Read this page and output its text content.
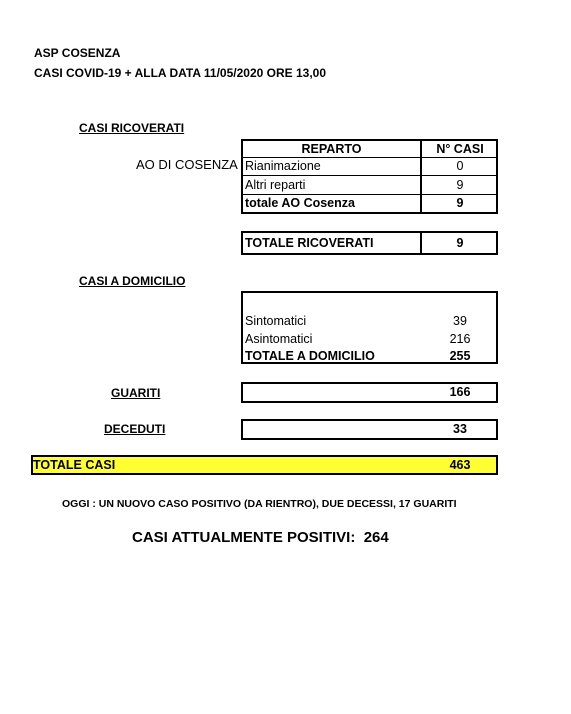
ASP COSENZA
CASI COVID-19 + ALLA DATA 11/05/2020 ORE 13,00
CASI RICOVERATI
AO DI COSENZA
REPARTO	N° CASI
Rianimazione	0
Altri reparti	9
totale AO Cosenza	9
TOTALE RICOVERATI	9
CASI A DOMICILIO
Sintomatici	39
Asintomatici	216
TOTALE A DOMICILIO	255
GUARITI	166
DECEDUTI	33
TOTALE CASI	463
OGGI : UN NUOVO CASO POSITIVO (DA RIENTRO), DUE DECESSI, 17 GUARITI
CASI ATTUALMENTE POSITIVI: 264
